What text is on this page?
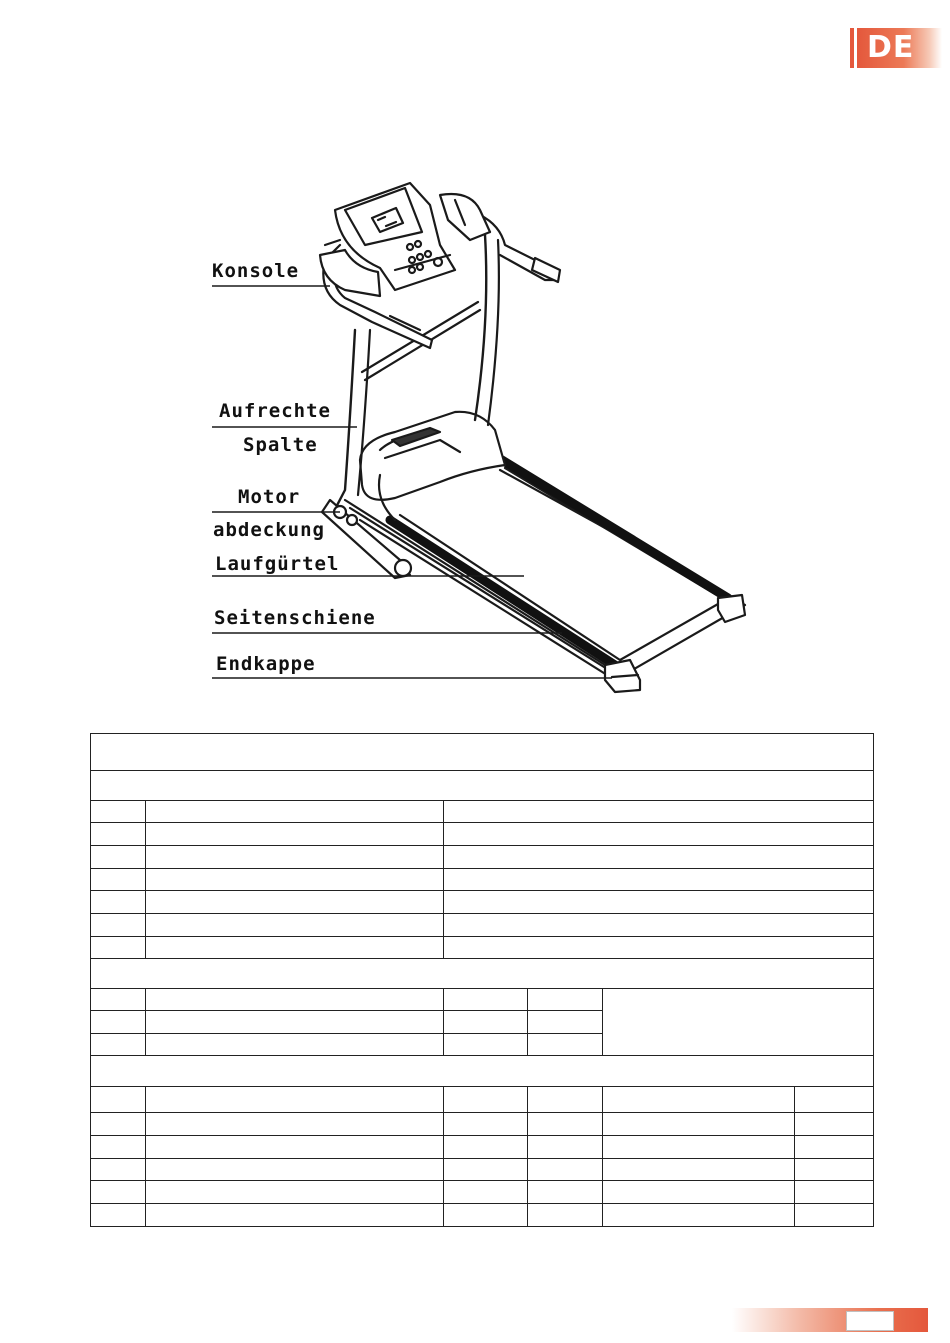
DE
Konsole
Aufrechte
Spalte
Motor
abdeckung
Laufgürtel
Seitenschiene
Endkappe
